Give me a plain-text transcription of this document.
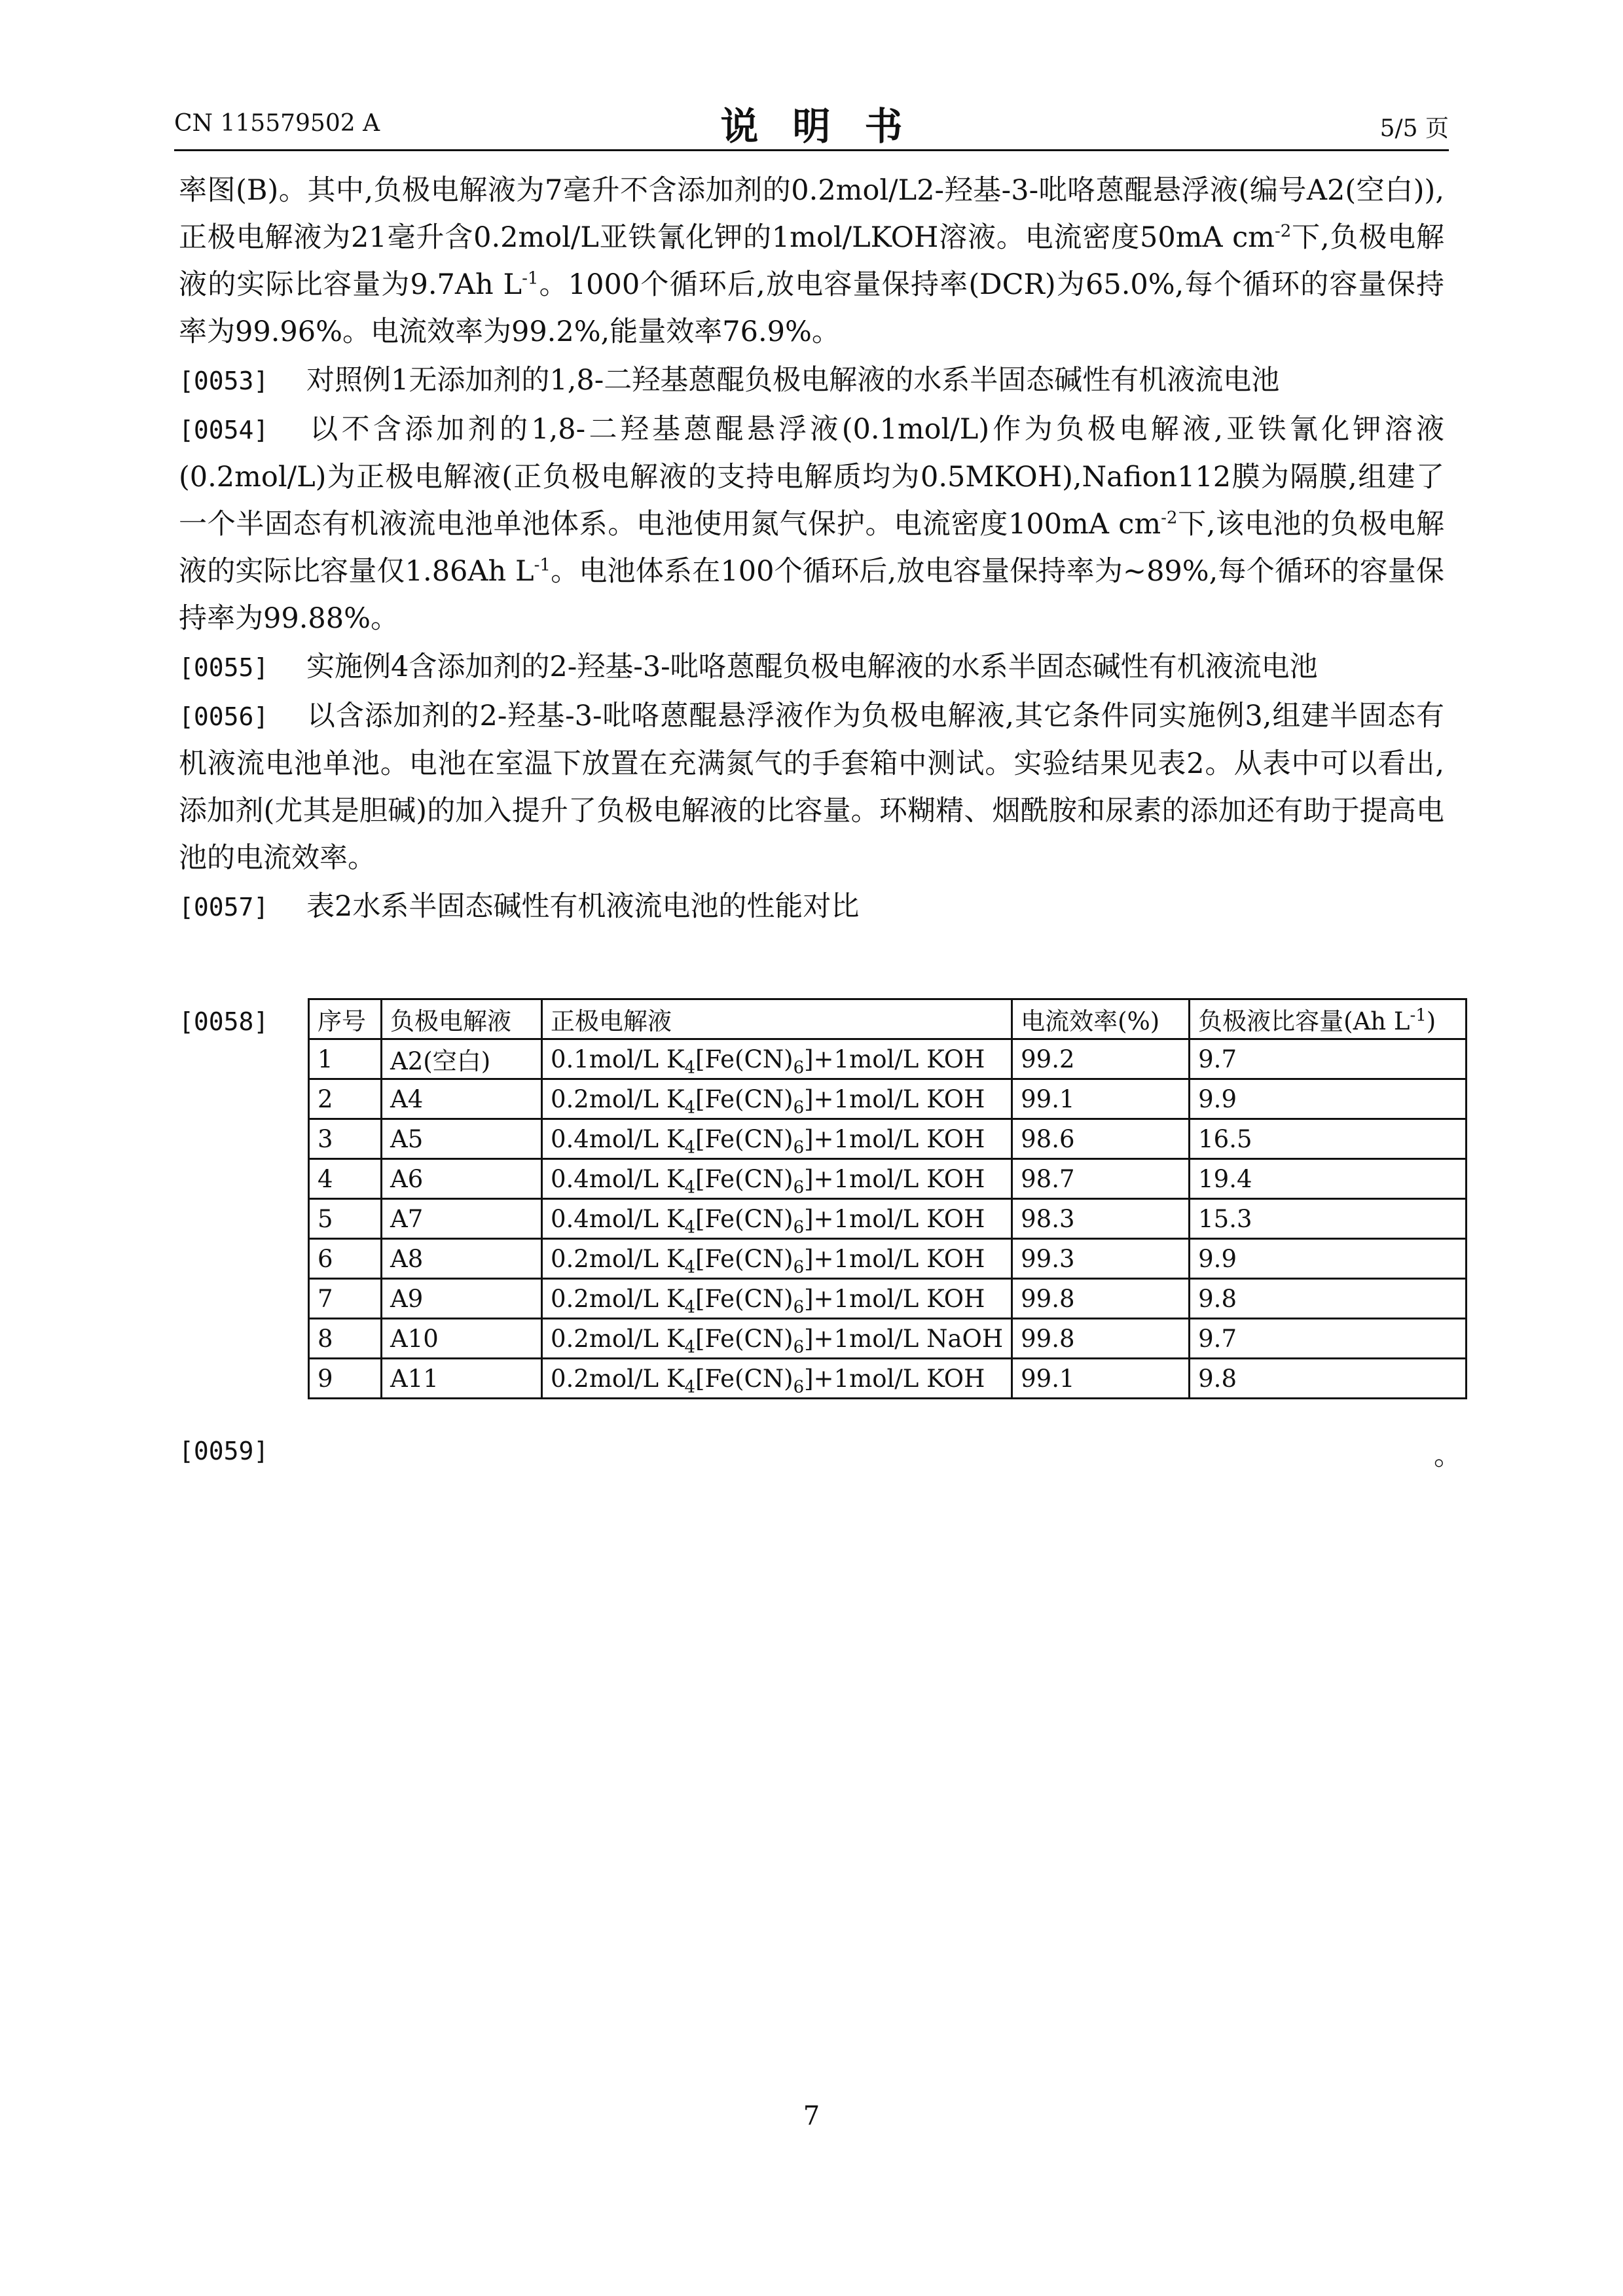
CN 115579502 A	说明书	5/5 页

率图(B)。其中,负极电解液为7毫升不含添加剂的0.2mol/L2-羟基-3-吡咯蒽醌悬浮液(编号A2(空白)),正极电解液为21毫升含0.2mol/L亚铁氰化钾的1mol/LKOH溶液。电流密度50mA $cm^{-2}$下,负极电解液的实际比容量为9.7Ah $L^{-1}$。1000个循环后,放电容量保持率(DCR)为65.0%,每个循环的容量保持率为99.96%。电流效率为99.2%,能量效率76.9%。

[0053] 对照例1无添加剂的1,8-二羟基蒽醌负极电解液的水系半固态碱性有机液流电池

[0054] 以不含添加剂的1,8-二羟基蒽醌悬浮液(0.1mol/L)作为负极电解液,亚铁氰化钾溶液(0.2mol/L)为正极电解液(正负极电解液的支持电解质均为0.5MKOH),Nafion112膜为隔膜,组建了一个半固态有机液流电池单池体系。电池使用氮气保护。电流密度100mA $cm^{-2}$下,该电池的负极电解液的实际比容量仅1.86Ah $L^{-1}$。电池体系在100个循环后,放电容量保持率为~89%,每个循环的容量保持率为99.88%。

[0055] 实施例4含添加剂的2-羟基-3-吡咯蒽醌负极电解液的水系半固态碱性有机液流电池

[0056] 以含添加剂的2-羟基-3-吡咯蒽醌悬浮液作为负极电解液,其它条件同实施例3,组建半固态有机液流电池单池。电池在室温下放置在充满氮气的手套箱中测试。实验结果见表2。从表中可以看出,添加剂(尤其是胆碱)的加入提升了负极电解液的比容量。环糊精、烟酰胺和尿素的添加还有助于提高电池的电流效率。

[0057] 表2水系半固态碱性有机液流电池的性能对比

[0058] 序号	负极电解液	正极电解液	电流效率(%)	负极液比容量(Ah $L^{-1}$)
1	A2(空白)	0.1mol/L $K_4[Fe(CN)_6]+1mol/L$ KOH	99.2	9.7
2	A4	0.2mol/L $K_4[Fe(CN)_6]+1mol/L$ KOH	99.1	9.9
3	A5	0.4mol/L $K_4[Fe(CN)_6]+1mol/L$ KOH	98.6	16.5
4	A6	0.4mol/L $K_4[Fe(CN)_6]+1mol/L$ KOH	98.7	19.4
5	A7	0.4mol/L $K_4[Fe(CN)_6]+1mol/L$ KOH	98.3	15.3
6	A8	0.2mol/L $K_4[Fe(CN)_6]+1mol/L$ KOH	99.3	9.9
7	A9	0.2mol/L $K_4[Fe(CN)_6]+1mol/L$ KOH	99.8	9.8
8	A10	0.2mol/L $K_4[Fe(CN)_6]+1mol/L$ NaOH	99.8	9.7
9	A11	0.2mol/L $K_4[Fe(CN)_6]+1mol/L$ KOH	99.1	9.8
[0059]	。
7
